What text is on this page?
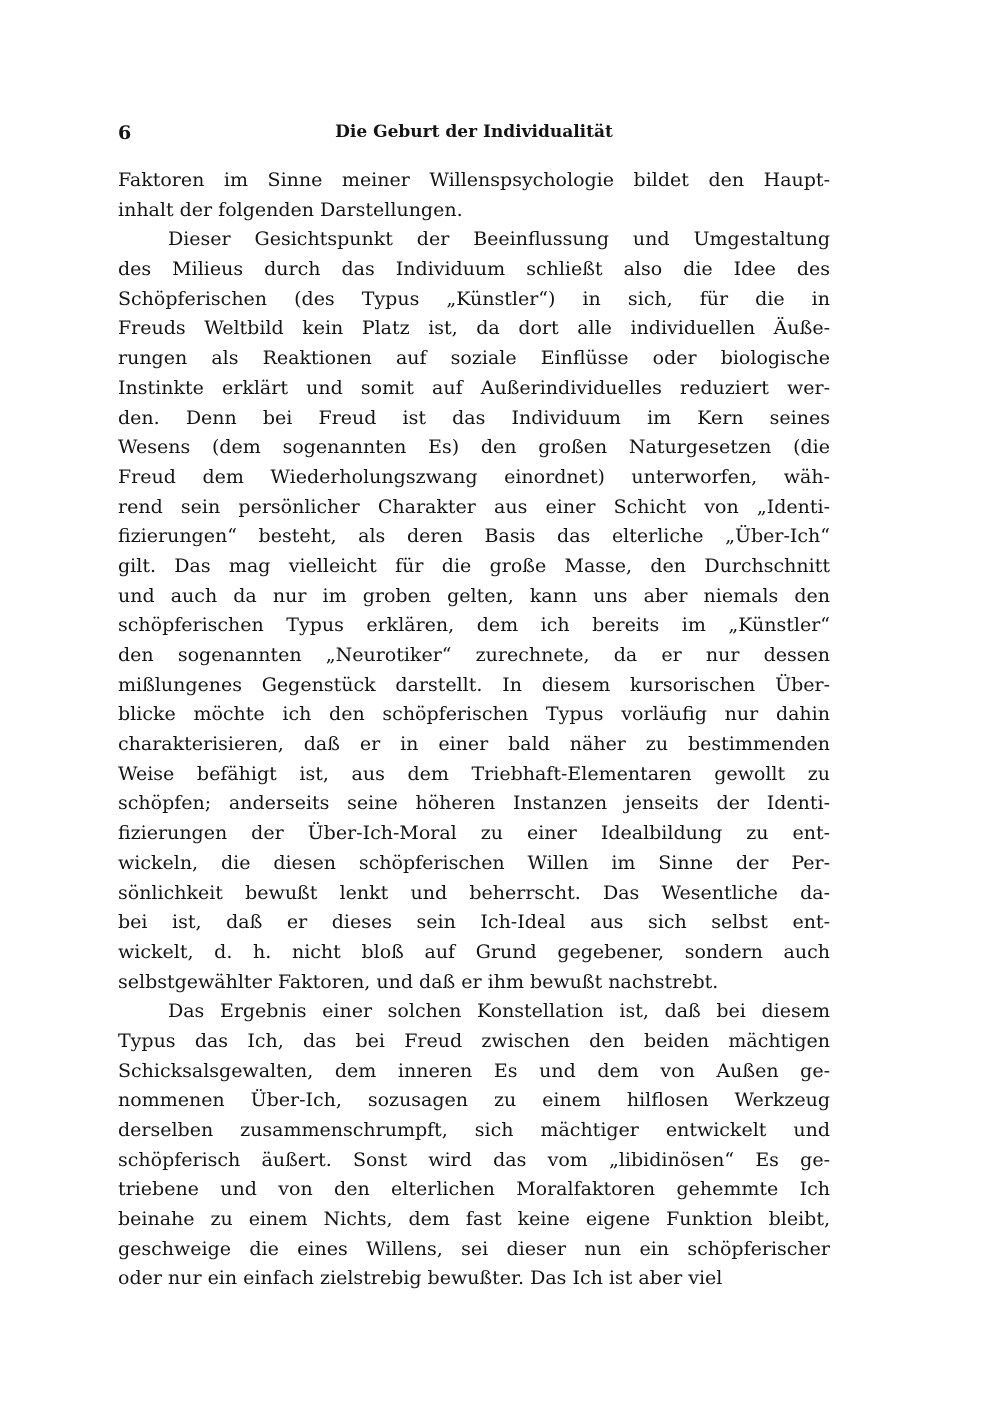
6	Die Geburt der Individualität
Faktoren im Sinne meiner Willenspsychologie bildet den Haupt-
inhalt der folgenden Darstellungen.
Dieser Gesichtspunkt der Beeinflussung und Umgestaltung
des Milieus durch das Individuum schließt also die Idee des
Schöpferischen (des Typus „Künstler“) in sich, für die in
Freuds Weltbild kein Platz ist, da dort alle individuellen Äuße-
rungen als Reaktionen auf soziale Einflüsse oder biologische
Instinkte erklärt und somit auf Außerindividuelles reduziert wer-
den. Denn bei Freud ist das Individuum im Kern seines
Wesens (dem sogenannten Es) den großen Naturgesetzen (die
Freud dem Wiederholungszwang einordnet) unterworfen, wäh-
rend sein persönlicher Charakter aus einer Schicht von „Identi-
fizierungen“ besteht, als deren Basis das elterliche „Über-Ich“
gilt. Das mag vielleicht für die große Masse, den Durchschnitt
und auch da nur im groben gelten, kann uns aber niemals den
schöpferischen Typus erklären, dem ich bereits im „Künstler“
den sogenannten „Neurotiker“ zurechnete, da er nur dessen
mißlungenes Gegenstück darstellt. In diesem kursorischen Über-
blicke möchte ich den schöpferischen Typus vorläufig nur dahin
charakterisieren, daß er in einer bald näher zu bestimmenden
Weise befähigt ist, aus dem Triebhaft-Elementaren gewollt zu
schöpfen; anderseits seine höheren Instanzen jenseits der Identi-
fizierungen der Über-Ich-Moral zu einer Idealbildung zu ent-
wickeln, die diesen schöpferischen Willen im Sinne der Per-
sönlichkeit bewußt lenkt und beherrscht. Das Wesentliche da-
bei ist, daß er dieses sein Ich-Ideal aus sich selbst ent-
wickelt, d. h. nicht bloß auf Grund gegebener, sondern auch
selbstgewählter Faktoren, und daß er ihm bewußt nachstrebt.
Das Ergebnis einer solchen Konstellation ist, daß bei diesem
Typus das Ich, das bei Freud zwischen den beiden mächtigen
Schicksalsgewalten, dem inneren Es und dem von Außen ge-
nommenen Über-Ich, sozusagen zu einem hilflosen Werkzeug
derselben zusammenschrumpft, sich mächtiger entwickelt und
schöpferisch äußert. Sonst wird das vom „libidinösen“ Es ge-
triebene und von den elterlichen Moralfaktoren gehemmte Ich
beinahe zu einem Nichts, dem fast keine eigene Funktion bleibt,
geschweige die eines Willens, sei dieser nun ein schöpferischer
oder nur ein einfach zielstrebig bewußter. Das Ich ist aber viel
